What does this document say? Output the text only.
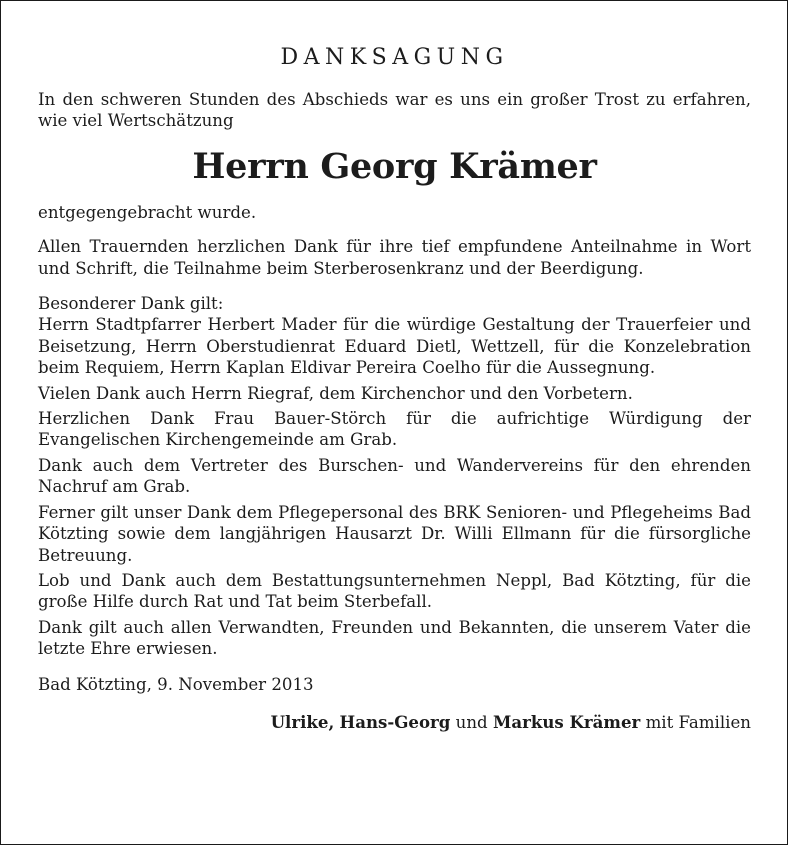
DANKSAGUNG

In den schweren Stunden des Abschieds war es uns ein großer Trost zu erfahren, wie viel Wertschätzung

Herrn Georg Krämer

entgegengebracht wurde.

Allen Trauernden herzlichen Dank für ihre tief empfundene Anteilnahme in Wort und Schrift, die Teilnahme beim Sterberosenkranz und der Beerdigung.

Besonderer Dank gilt:

Herrn Stadtpfarrer Herbert Mader für die würdige Gestaltung der Trauerfeier und Beisetzung, Herrn Oberstudienrat Eduard Dietl, Wettzell, für die Konzelebration beim Requiem, Herrn Kaplan Eldivar Pereira Coelho für die Aussegnung.

Vielen Dank auch Herrn Riegraf, dem Kirchenchor und den Vorbetern.

Herzlichen Dank Frau Bauer-Störch für die aufrichtige Würdigung der Evangelischen Kirchengemeinde am Grab.

Dank auch dem Vertreter des Burschen- und Wandervereins für den ehrenden Nachruf am Grab.

Ferner gilt unser Dank dem Pflegepersonal des BRK Senioren- und Pflegeheims Bad Kötzting sowie dem langjährigen Hausarzt Dr. Willi Ellmann für die fürsorgliche Betreuung.

Lob und Dank auch dem Bestattungsunternehmen Neppl, Bad Kötzting, für die große Hilfe durch Rat und Tat beim Sterbefall.

Dank gilt auch allen Verwandten, Freunden und Bekannten, die unserem Vater die letzte Ehre erwiesen.

Bad Kötzting, 9. November 2013

Ulrike, Hans-Georg und Markus Krämer mit Familien
